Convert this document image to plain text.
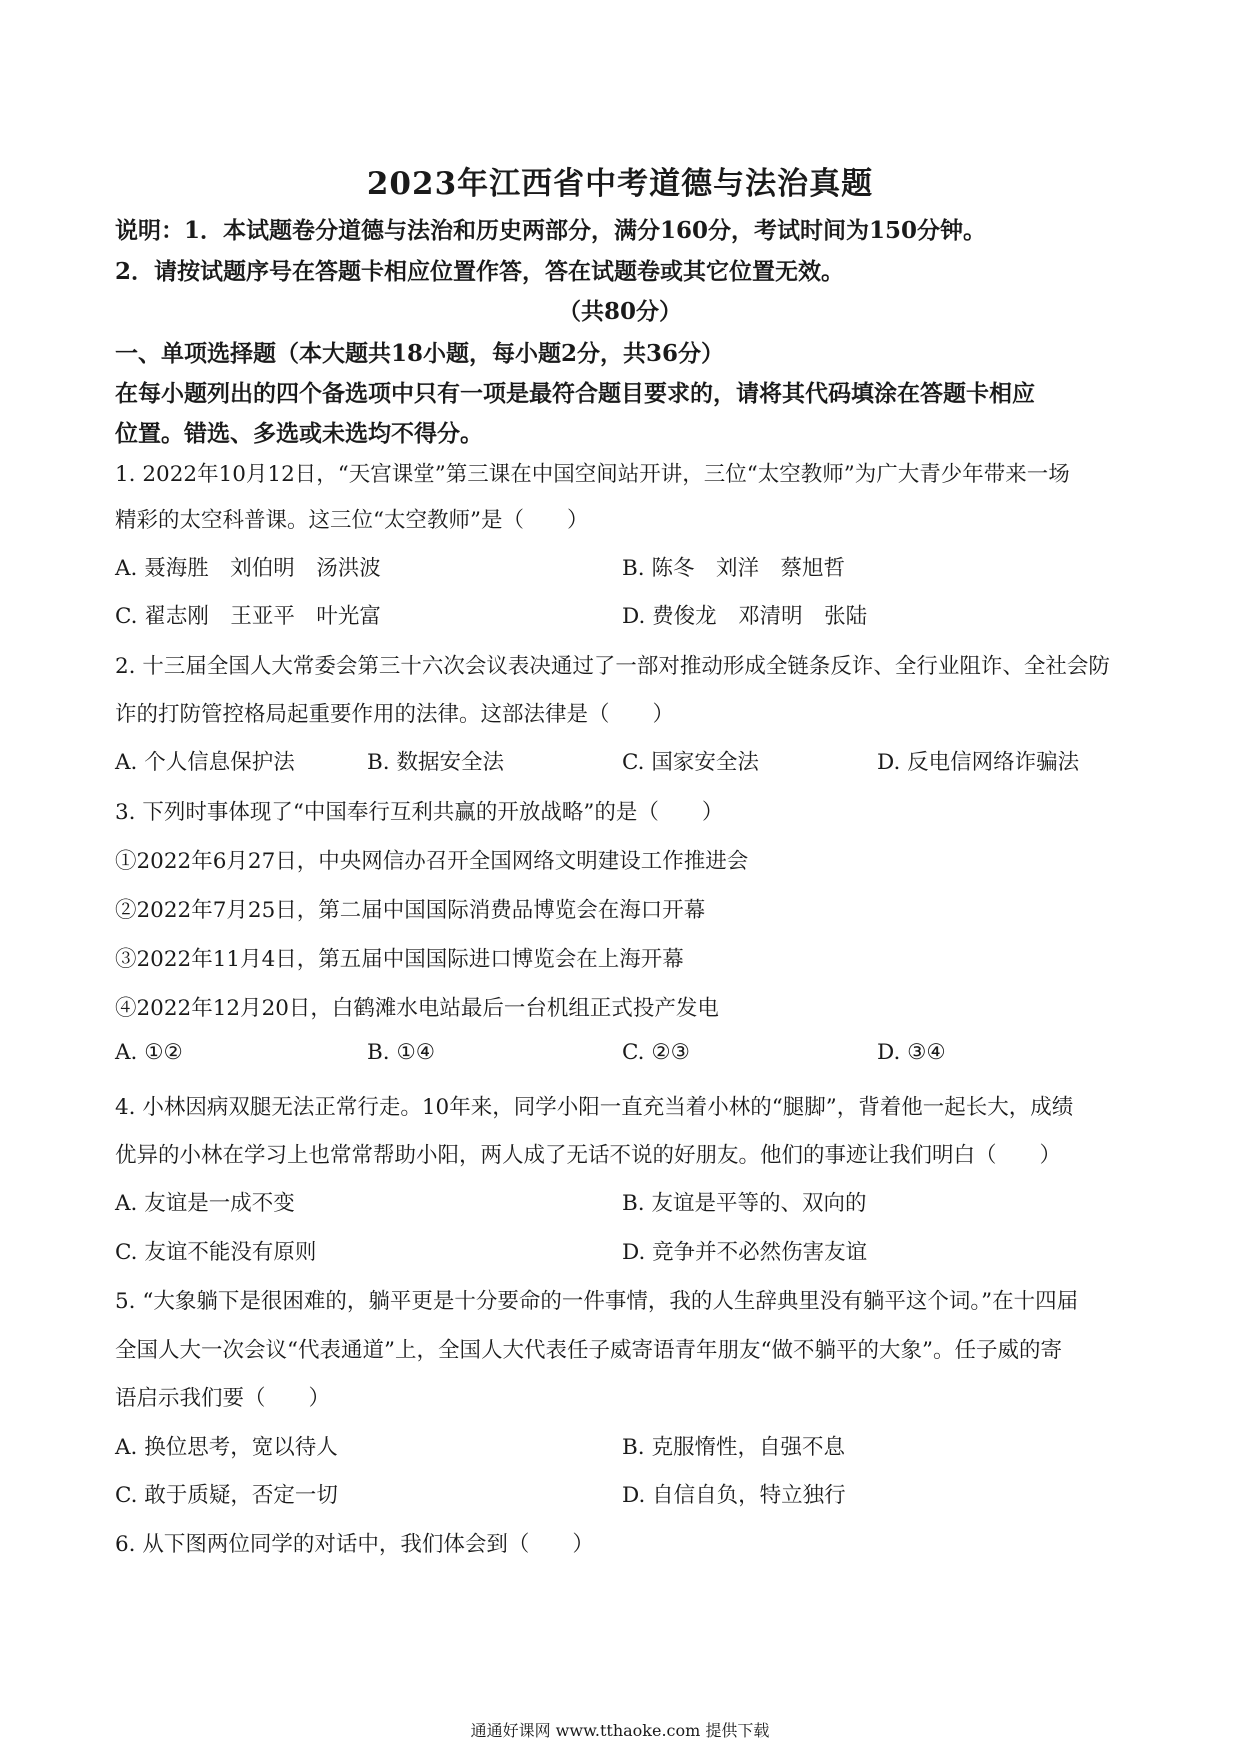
2023年江西省中考道德与法治真题
说明：1．本试题卷分道德与法治和历史两部分，满分160分，考试时间为150分钟。
2．请按试题序号在答题卡相应位置作答，答在试题卷或其它位置无效。
（共80分）
一、单项选择题（本大题共18小题，每小题2分，共36分）
在每小题列出的四个备选项中只有一项是最符合题目要求的，请将其代码填涂在答题卡相应
位置。错选、多选或未选均不得分。
1. 2022年10月12日，“天宫课堂”第三课在中国空间站开讲，三位“太空教师”为广大青少年带来一场
精彩的太空科普课。这三位“太空教师”是（　　）
A. 聂海胜　刘伯明　汤洪波	B. 陈冬　刘洋　蔡旭哲
C. 翟志刚　王亚平　叶光富	D. 费俊龙　邓清明　张陆
2. 十三届全国人大常委会第三十六次会议表决通过了一部对推动形成全链条反诈、全行业阻诈、全社会防
诈的打防管控格局起重要作用的法律。这部法律是（　　）
A. 个人信息保护法	B. 数据安全法	C. 国家安全法	D. 反电信网络诈骗法
3. 下列时事体现了“中国奉行互利共赢的开放战略”的是（　　）
①2022年6月27日，中央网信办召开全国网络文明建设工作推进会
②2022年7月25日，第二届中国国际消费品博览会在海口开幕
③2022年11月4日，第五届中国国际进口博览会在上海开幕
④2022年12月20日，白鹤滩水电站最后一台机组正式投产发电
A. ①②	B. ①④	C. ②③	D. ③④
4. 小林因病双腿无法正常行走。10年来，同学小阳一直充当着小林的“腿脚”，背着他一起长大，成绩
优异的小林在学习上也常常帮助小阳，两人成了无话不说的好朋友。他们的事迹让我们明白（　　）
A. 友谊是一成不变	B. 友谊是平等的、双向的
C. 友谊不能没有原则	D. 竞争并不必然伤害友谊
5. “大象躺下是很困难的，躺平更是十分要命的一件事情，我的人生辞典里没有躺平这个词。”在十四届
全国人大一次会议“代表通道”上，全国人大代表任子威寄语青年朋友“做不躺平的大象”。任子威的寄
语启示我们要（　　）
A. 换位思考，宽以待人	B. 克服惰性，自强不息
C. 敢于质疑，否定一切	D. 自信自负，特立独行
6. 从下图两位同学的对话中，我们体会到（　　）
通通好课网 www.tthaoke.com 提供下载
